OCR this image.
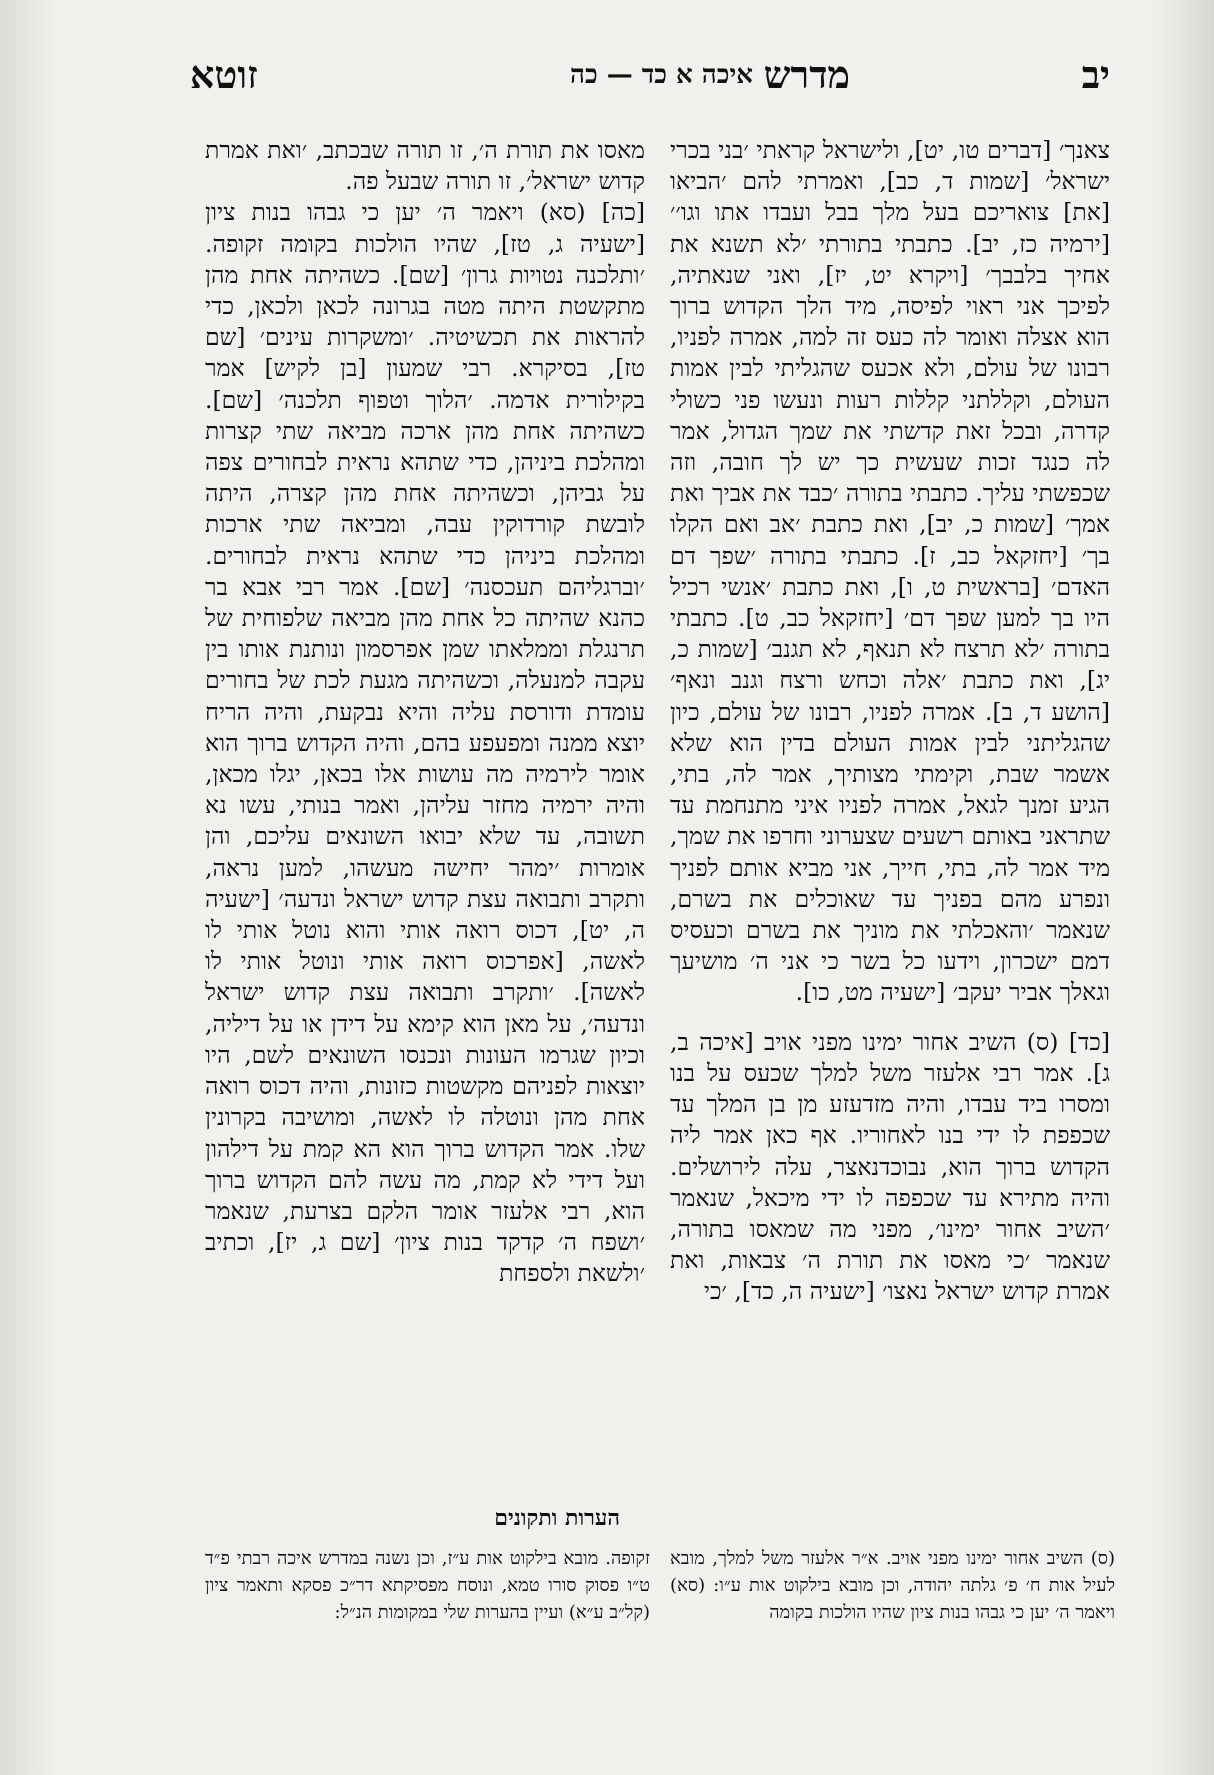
יב
מדרש
איכה א כד — כה
זוטא

צאנך׳ [דברים טו, יט], ולישראל קראתי ׳בני בכרי ישראל׳ [שמות ד, כב], ואמרתי להם ׳הביאו [את] צואריכם בעל מלך בבל ועבדו אתו וגו׳׳ [ירמיה כז, יב]. כתבתי בתורתי ׳לא תשנא את אחיך בלבבך׳ [ויקרא יט, יז], ואני שנאתיה, לפיכך אני ראוי לפיסה, מיד הלך הקדוש ברוך הוא אצלה ואומר לה כעס זה למה, אמרה לפניו, רבונו של עולם, ולא אכעס שהגליתי לבין אמות העולם, וקללתני קללות רעות ונעשו פני כשולי קדרה, ובכל זאת קדשתי את שמך הגדול, אמר לה כנגד זכות שעשית כך יש לך חובה, וזה שכפשתי עליך. כתבתי בתורה ׳כבד את אביך ואת אמך׳ [שמות כ, יב], ואת כתבת ׳אב ואם הקלו בך׳ [יחזקאל כב, ז]. כתבתי בתורה ׳שפך דם האדם׳ [בראשית ט, ו], ואת כתבת ׳אנשי רכיל היו בך למען שפך דם׳ [יחזקאל כב, ט]. כתבתי בתורה ׳לא תרצח לא תנאף, לא תגנב׳ [שמות כ, יג], ואת כתבת ׳אלה וכחש ורצח וגנב ונאף׳ [הושע ד, ב]. אמרה לפניו, רבונו של עולם, כיון שהגליתני לבין אמות העולם בדין הוא שלא אשמר שבת, וקימתי מצותיך, אמר לה, בתי, הגיע זמנך לגאל, אמרה לפניו איני מתנחמת עד שתראני באותם רשעים שצערוני וחרפו את שמך, מיד אמר לה, בתי, חייך, אני מביא אותם לפניך ונפרע מהם בפניך עד שאוכלים את בשרם, שנאמר ׳והאכלתי את מוניך את בשרם וכעסיס דמם ישכרון, וידעו כל בשר כי אני ה׳ מושיעך וגאלך אביר יעקב׳ [ישעיה מט, כו].

[כד] (ס) השיב אחור ימינו מפני אויב [איכה ב, ג]. אמר רבי אלעזר משל למלך שכעס על בנו ומסרו ביד עבדו, והיה מזדעזע מן בן המלך עד שכפפת לו ידי בנו לאחוריו. אף כאן אמר ליה הקדוש ברוך הוא, נבוכדנאצר, עלה לירושלים. והיה מתירא עד שכפפה לו ידי מיכאל, שנאמר ׳השיב אחור ימינו׳, מפני מה שמאסו בתורה, שנאמר ׳כי מאסו את תורת ה׳ צבאות, ואת אמרת קדוש ישראל נאצו׳ [ישעיה ה, כד], ׳כי

מאסו את תורת ה׳, זו תורה שבכתב, ׳ואת אמרת קדוש ישראל׳, זו תורה שבעל פה.

[כה] (סא) ויאמר ה׳ יען כי גבהו בנות ציון [ישעיה ג, טז], שהיו הולכות בקומה זקופה. ׳ותלכנה נטויות גרון׳ [שם]. כשהיתה אחת מהן מתקשטת היתה מטה בגרונה לכאן ולכאן, כדי להראות את תכשיטיה. ׳ומשקרות עינים׳ [שם טז], בסיקרא. רבי שמעון [בן לקיש] אמר בקילורית אדמה. ׳הלוך וטפוף תלכנה׳ [שם]. כשהיתה אחת מהן ארכה מביאה שתי קצרות ומהלכת ביניהן, כדי שתהא נראית לבחורים צפה על גביהן, וכשהיתה אחת מהן קצרה, היתה לובשת קורדוקין עבה, ומביאה שתי ארכות ומהלכת ביניהן כדי שתהא נראית לבחורים. ׳וברגליהם תעכסנה׳ [שם]. אמר רבי אבא בר כהנא שהיתה כל אחת מהן מביאה שלפוחית של תרנגלת וממלאתו שמן אפרסמון ונותנת אותו בין עקבה למנעלה, וכשהיתה מגעת לכת של בחורים עומדת ודורסת עליה והיא נבקעת, והיה הריח יוצא ממנה ומפעפע בהם, והיה הקדוש ברוך הוא אומר לירמיה מה עושות אלו בכאן, יגלו מכאן, והיה ירמיה מחזר עליהן, ואמר בנותי, עשו נא תשובה, עד שלא יבואו השונאים עליכם, והן אומרות ׳ימהר יחישה מעשהו, למען נראה, ותקרב ותבואה עצת קדוש ישראל ונדעה׳ [ישעיה ה, יט], דכוס רואה אותי והוא נוטל אותי לו לאשה, [אפרכוס רואה אותי ונוטל אותי לו לאשה]. ׳ותקרב ותבואה עצת קדוש ישראל ונדעה׳, על מאן הוא קימא על דידן או על דיליה, וכיון שגרמו העונות ונכנסו השונאים לשם, היו יוצאות לפניהם מקשטות כזונות, והיה דכוס רואה אחת מהן ונוטלה לו לאשה, ומושיבה בקרונין שלו. אמר הקדוש ברוך הוא הא קמת על דילהון ועל דידי לא קמת, מה עשה להם הקדוש ברוך הוא, רבי אלעזר אומר הלקם בצרעת, שנאמר ׳ושפח ה׳ קדקד בנות ציון׳ [שם ג, יז], וכתיב ׳ולשאת ולספחת

הערות ותקונים
(ס) השיב אחור ימינו מפני אויב. א״ר אלעזר משל למלך, מובא לעיל אות ח׳ פ׳ גלתה יהודה, וכן מובא בילקוט אות ע״ו: (סא) ויאמר ה׳ יען כי גבהו בנות ציון שהיו הולכות בקומה
זקופה. מובא בילקוט אות ע״ז, וכן נשנה במדרש איכה רבתי פ״ד ט״ו פסוק סורו טמא, ונוסח מפסיקתא דר״כ פסקא ותאמר ציון (קל״ב ע״א) ועיין בהערות שלי במקומות הנ״ל:
